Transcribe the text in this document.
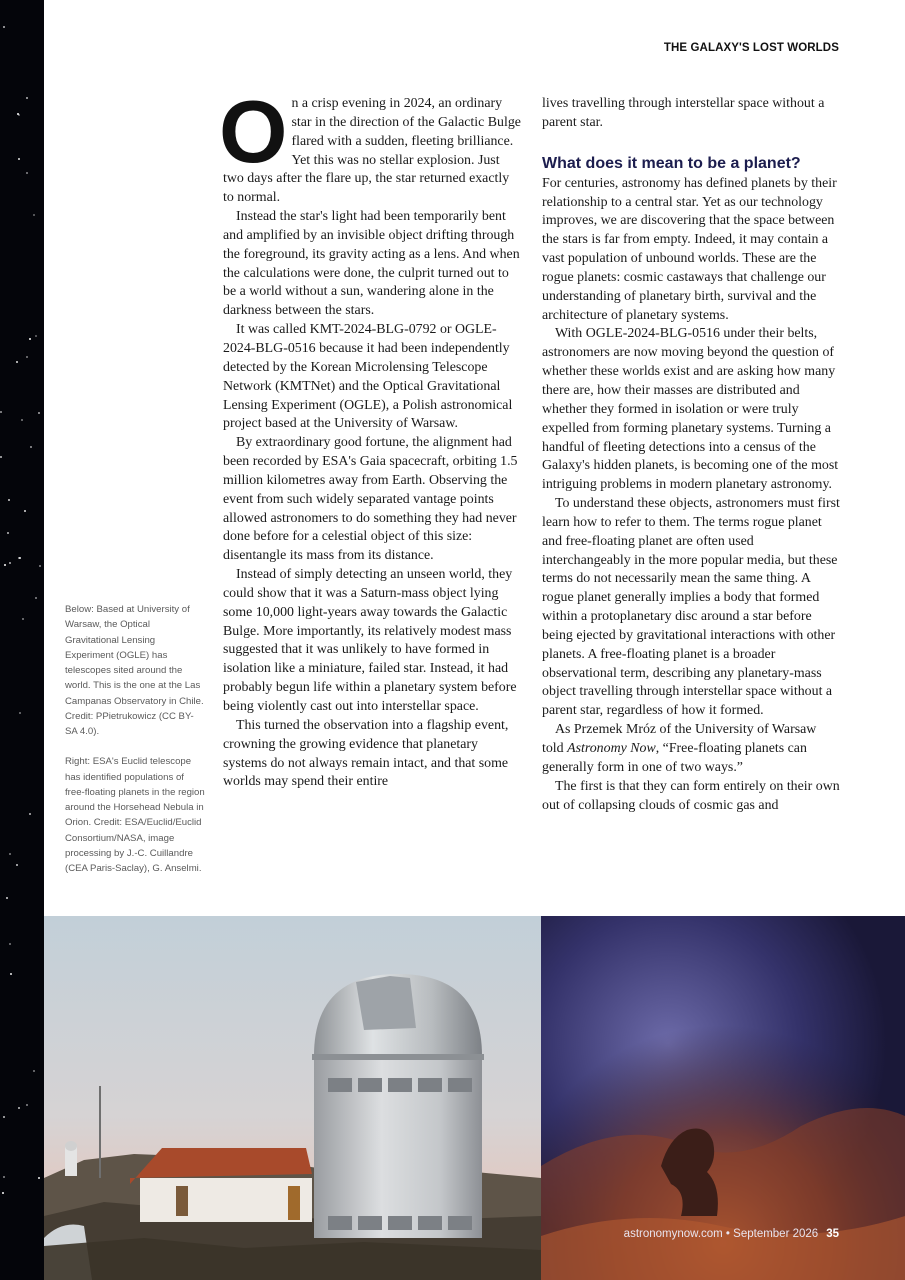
THE GALAXY'S LOST WORLDS
O n a crisp evening in 2024, an ordinary star in the direction of the Galactic Bulge flared with a sudden, fleeting brilliance. Yet this was no stellar explosion. Just two days after the flare up, the star returned exactly to normal.

Instead the star's light had been temporarily bent and amplified by an invisible object drifting through the foreground, its gravity acting as a lens. And when the calculations were done, the culprit turned out to be a world without a sun, wandering alone in the darkness between the stars.

It was called KMT-2024-BLG-0792 or OGLE-2024-BLG-0516 because it had been independently detected by the Korean Microlensing Telescope Network (KMTNet) and the Optical Gravitational Lensing Experiment (OGLE), a Polish astronomical project based at the University of Warsaw.

By extraordinary good fortune, the alignment had been recorded by ESA's Gaia spacecraft, orbiting 1.5 million kilometres away from Earth. Observing the event from such widely separated vantage points allowed astronomers to do something they had never done before for a celestial object of this size: disentangle its mass from its distance.

Instead of simply detecting an unseen world, they could show that it was a Saturn-mass object lying some 10,000 light-years away towards the Galactic Bulge. More importantly, its relatively modest mass suggested that it was unlikely to have formed in isolation like a miniature, failed star. Instead, it had probably begun life within a planetary system before being violently cast out into interstellar space.

This turned the observation into a flagship event, crowning the growing evidence that planetary systems do not always remain intact, and that some worlds may spend their entire

lives travelling through interstellar space without a parent star.

What does it mean to be a planet?

For centuries, astronomy has defined planets by their relationship to a central star. Yet as our technology improves, we are discovering that the space between the stars is far from empty. Indeed, it may contain a vast population of unbound worlds. These are the rogue planets: cosmic castaways that challenge our understanding of planetary birth, survival and the architecture of planetary systems.

With OGLE-2024-BLG-0516 under their belts, astronomers are now moving beyond the question of whether these worlds exist and are asking how many there are, how their masses are distributed and whether they formed in isolation or were truly expelled from forming planetary systems. Turning a handful of fleeting detections into a census of the Galaxy's hidden planets, is becoming one of the most intriguing problems in modern planetary astronomy.

To understand these objects, astronomers must first learn how to refer to them. The terms rogue planet and free-floating planet are often used interchangeably in the more popular media, but these terms do not necessarily mean the same thing. A rogue planet generally implies a body that formed within a protoplanetary disc around a star before being ejected by gravitational interactions with other planets. A free-floating planet is a broader observational term, describing any planetary-mass object travelling through interstellar space without a parent star, regardless of how it formed.

As Przemek Mróz of the University of Warsaw told Astronomy Now, “Free-floating planets can generally form in one of two ways.”

The first is that they can form entirely on their own out of collapsing clouds of cosmic gas and

Below: Based at University of Warsaw, the Optical Gravitational Lensing Experiment (OGLE) has telescopes sited around the world. This is the one at the Las Campanas Observatory in Chile. Credit: PPietrukowicz (CC BY-SA 4.0).

Right: ESA's Euclid telescope has identified populations of free-floating planets in the region around the Horsehead Nebula in Orion. Credit: ESA/Euclid/Euclid Consortium/NASA, image processing by J.-C. Cuillandre (CEA Paris-Saclay), G. Anselmi.

astronomynow.com • September 2026 35
